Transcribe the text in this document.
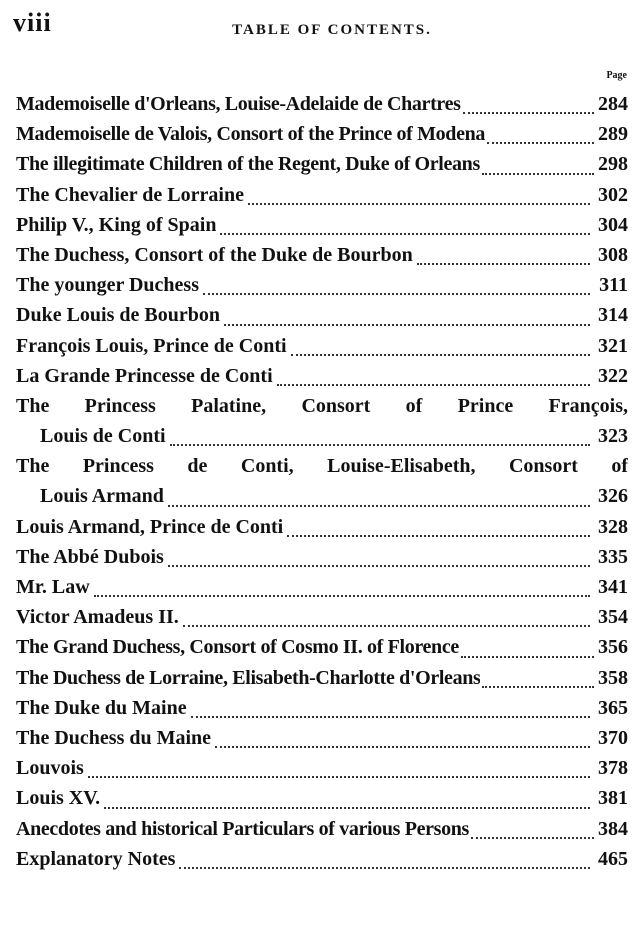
viii	TABLE OF CONTENTS.
Page
Mademoiselle d'Orleans, Louise-Adelaide de Chartres	284
Mademoiselle de Valois, Consort of the Prince of Modena	289
The illegitimate Children of the Regent, Duke of Orleans	298
The Chevalier de Lorraine	302
Philip V., King of Spain	304
The Duchess, Consort of the Duke de Bourbon	308
The younger Duchess	311
Duke Louis de Bourbon	314
François Louis, Prince de Conti	321
La Grande Princesse de Conti	322
The Princess Palatine, Consort of Prince François,
Louis de Conti	323
The Princess de Conti, Louise-Elisabeth, Consort of
Louis Armand	326
Louis Armand, Prince de Conti	328
The Abbé Dubois	335
Mr. Law	341
Victor Amadeus II.	354
The Grand Duchess, Consort of Cosmo II. of Florence	356
The Duchess de Lorraine, Elisabeth-Charlotte d'Orleans	358
The Duke du Maine	365
The Duchess du Maine	370
Louvois	378
Louis XV.	381
Anecdotes and historical Particulars of various Persons	384
Explanatory Notes	465
